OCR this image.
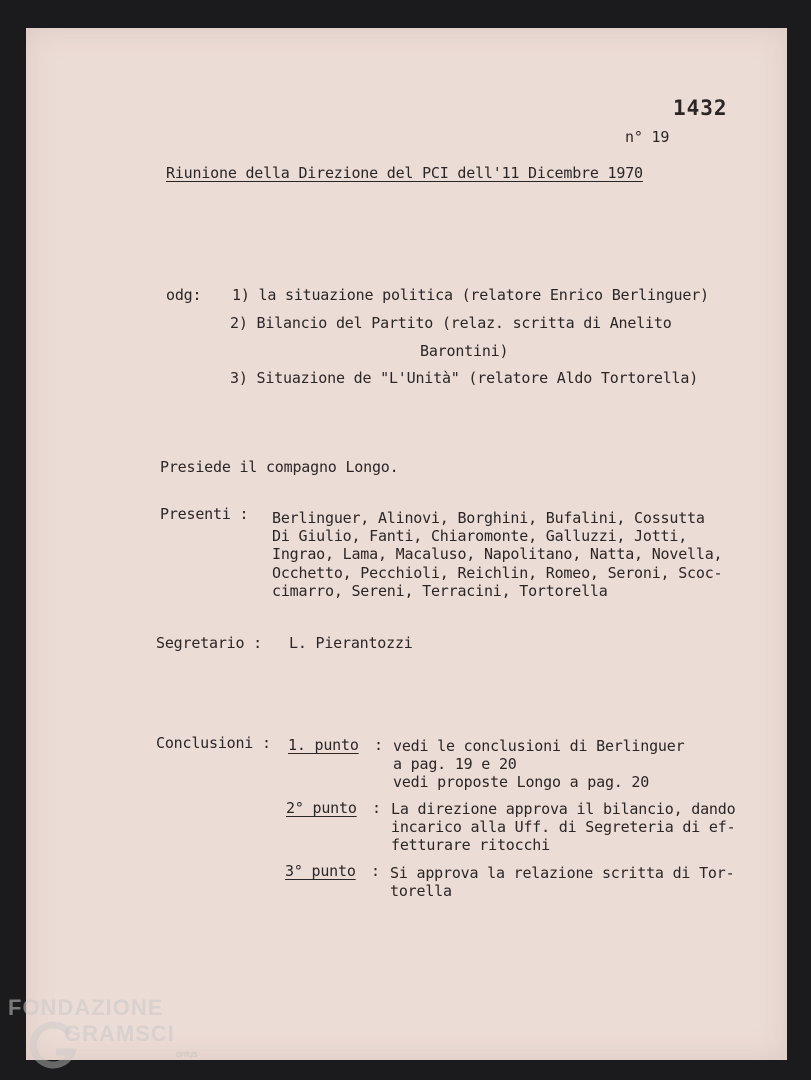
1432
n° 19
Riunione della Direzione del PCI dell'11 Dicembre 1970
odg: 1) la situazione politica (relatore Enrico Berlinguer)
2) Bilancio del Partito (relaz. scritta di Anelito
Barontini)
3) Situazione de "L'Unità" (relatore Aldo Tortorella)
Presiede il compagno Longo.
Presenti : Berlinguer, Alinovi, Borghini, Bufalini, Cossutta
Di Giulio, Fanti, Chiaromonte, Galluzzi, Jotti,
Ingrao, Lama, Macaluso, Napolitano, Natta, Novella,
Occhetto, Pecchioli, Reichlin, Romeo, Seroni, Scoc-
cimarro, Sereni, Terracini, Tortorella
Segretario : L. Pierantozzi
Conclusioni : 1. punto : vedi le conclusioni di Berlinguer
a pag. 19 e 20
vedi proposte Longo a pag. 20
2° punto : La direzione approva il bilancio, dando
incarico alla Uff. di Segreteria di ef-
fetturare ritocchi
3° punto : Si approva la relazione scritta di Tor-
torella
FONDAZIONE
GRAMSCI
onlus
